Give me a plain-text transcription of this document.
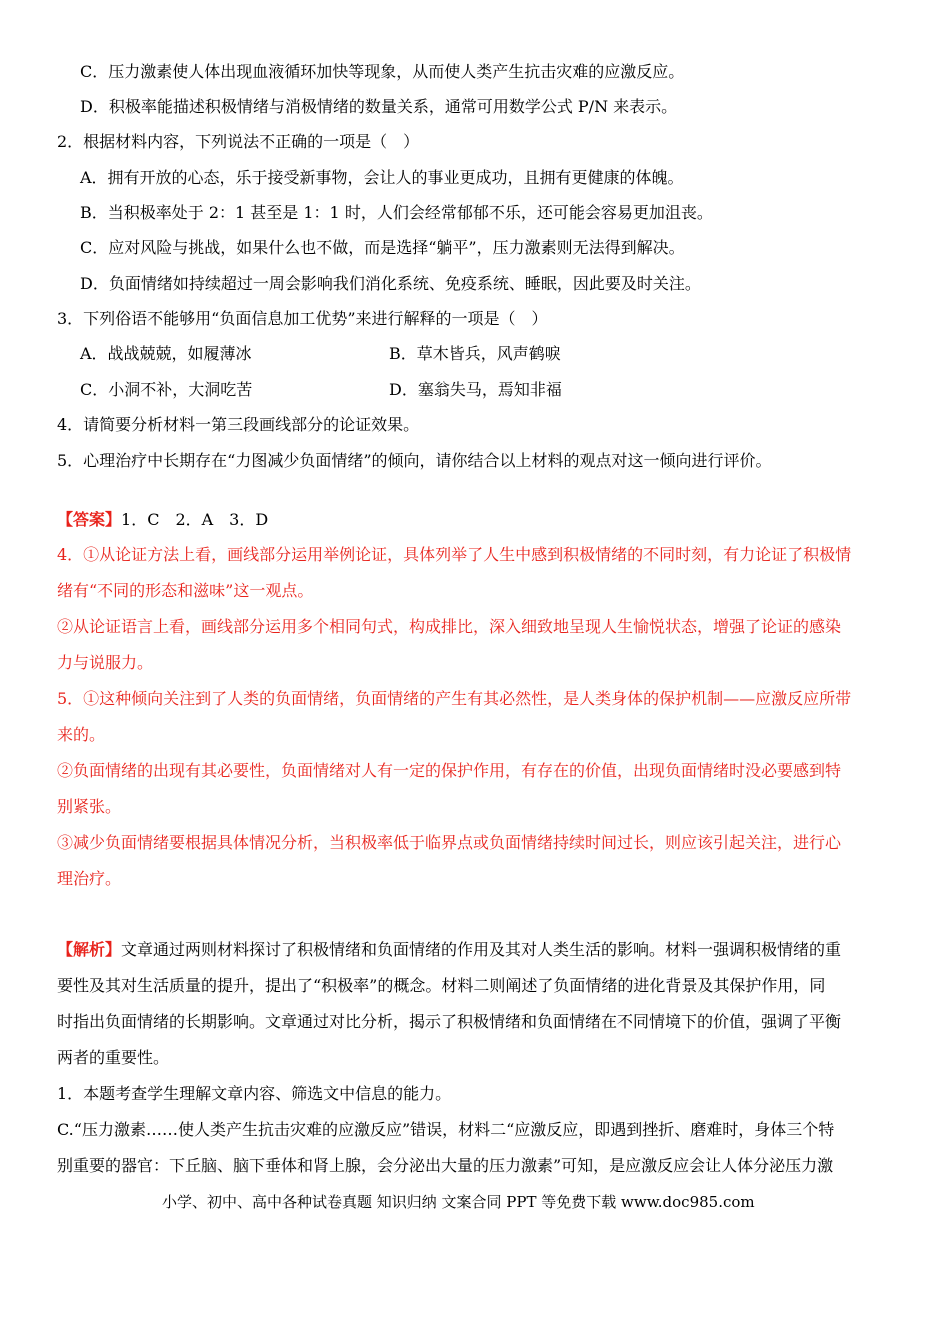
C．压力激素使人体出现血液循环加快等现象，从而使人类产生抗击灾难的应激反应。
D．积极率能描述积极情绪与消极情绪的数量关系，通常可用数学公式 P/N 来表示。
2．根据材料内容，下列说法不正确的一项是（　）
A．拥有开放的心态，乐于接受新事物，会让人的事业更成功，且拥有更健康的体魄。
B．当积极率处于 2：1 甚至是 1：1 时，人们会经常郁郁不乐，还可能会容易更加沮丧。
C．应对风险与挑战，如果什么也不做，而是选择“躺平”，压力激素则无法得到解决。
D．负面情绪如持续超过一周会影响我们消化系统、免疫系统、睡眠，因此要及时关注。
3．下列俗语不能够用“负面信息加工优势”来进行解释的一项是（　）
A．战战兢兢，如履薄冰	B．草木皆兵，风声鹤唳
C．小洞不补，大洞吃苦	D．塞翁失马，焉知非福
4．请简要分析材料一第三段画线部分的论证效果。
5．心理治疗中长期存在“力图减少负面情绪”的倾向，请你结合以上材料的观点对这一倾向进行评价。
【答案】1．C　2．A　3．D
4．①从论证方法上看，画线部分运用举例论证，具体列举了人生中感到积极情绪的不同时刻，有力论证了积极情
绪有“不同的形态和滋味”这一观点。
②从论证语言上看，画线部分运用多个相同句式，构成排比，深入细致地呈现人生愉悦状态，增强了论证的感染
力与说服力。
5．①这种倾向关注到了人类的负面情绪，负面情绪的产生有其必然性，是人类身体的保护机制——应激反应所带
来的。
②负面情绪的出现有其必要性，负面情绪对人有一定的保护作用，有存在的价值，出现负面情绪时没必要感到特
别紧张。
③减少负面情绪要根据具体情况分析，当积极率低于临界点或负面情绪持续时间过长，则应该引起关注，进行心
理治疗。
【解析】文章通过两则材料探讨了积极情绪和负面情绪的作用及其对人类生活的影响。材料一强调积极情绪的重
要性及其对生活质量的提升，提出了“积极率”的概念。材料二则阐述了负面情绪的进化背景及其保护作用，同
时指出负面情绪的长期影响。文章通过对比分析，揭示了积极情绪和负面情绪在不同情境下的价值，强调了平衡
两者的重要性。
1．本题考查学生理解文章内容、筛选文中信息的能力。
C.“压力激素……使人类产生抗击灾难的应激反应”错误，材料二“应激反应，即遇到挫折、磨难时，身体三个特
别重要的器官：下丘脑、脑下垂体和肾上腺，会分泌出大量的压力激素”可知，是应激反应会让人体分泌压力激
小学、初中、高中各种试卷真题 知识归纳 文案合同 PPT 等免费下载 www.doc985.com
